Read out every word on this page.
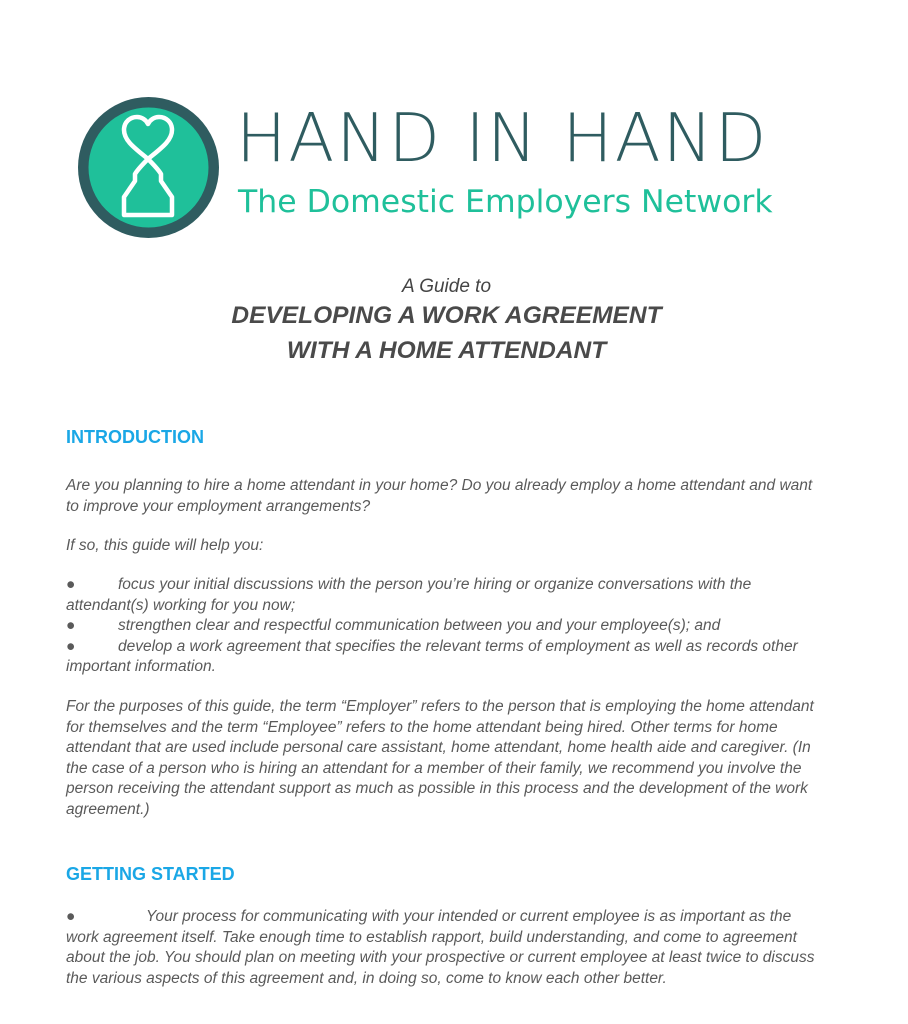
HAND IN HAND
The Domestic Employers Network
A Guide to
DEVELOPING A WORK AGREEMENT
WITH A HOME ATTENDANT
INTRODUCTION

Are you planning to hire a home attendant in your home? Do you already employ a home attendant and want to improve your employment arrangements?

If so, this guide will help you:

●	focus your initial discussions with the person you’re hiring or organize conversations with the attendant(s) working for you now;
●	strengthen clear and respectful communication between you and your employee(s); and
●	develop a work agreement that specifies the relevant terms of employment as well as records other important information.

For the purposes of this guide, the term “Employer” refers to the person that is employing the home attendant for themselves and the term “Employee” refers to the home attendant being hired. Other terms for home attendant that are used include personal care assistant, home attendant, home health aide and caregiver. (In the case of a person who is hiring an attendant for a member of their family, we recommend you involve the person receiving the attendant support as much as possible in this process and the development of the work agreement.)

GETTING STARTED

●	Your process for communicating with your intended or current employee is as important as the work agreement itself. Take enough time to establish rapport, build understanding, and come to agreement about the job. You should plan on meeting with your prospective or current employee at least twice to discuss the various aspects of this agreement and, in doing so, come to know each other better.
